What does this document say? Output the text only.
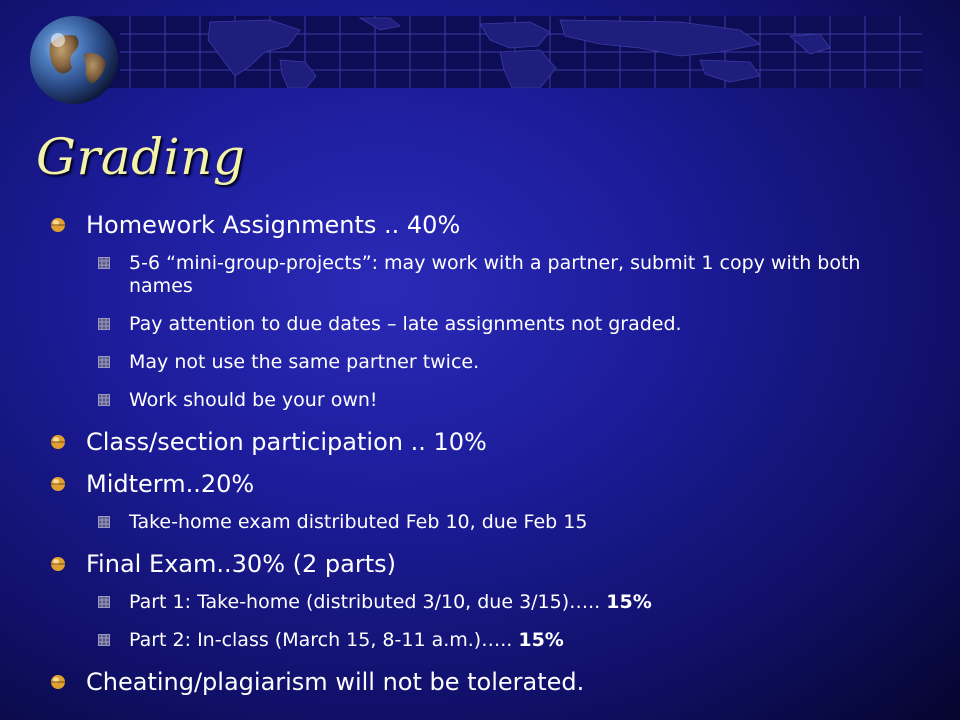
Grading
Homework Assignments .. 40%
5-6 “mini-group-projects”: may work with a partner, submit 1 copy with both names
Pay attention to due dates – late assignments not graded.
May not use the same partner twice.
Work should be your own!
Class/section participation .. 10%
Midterm..20%
Take-home exam distributed Feb 10, due Feb 15
Final Exam..30% (2 parts)
Part 1: Take-home (distributed 3/10, due 3/15)….. 15%
Part 2: In-class (March 15, 8-11 a.m.)….. 15%
Cheating/plagiarism will not be tolerated.
